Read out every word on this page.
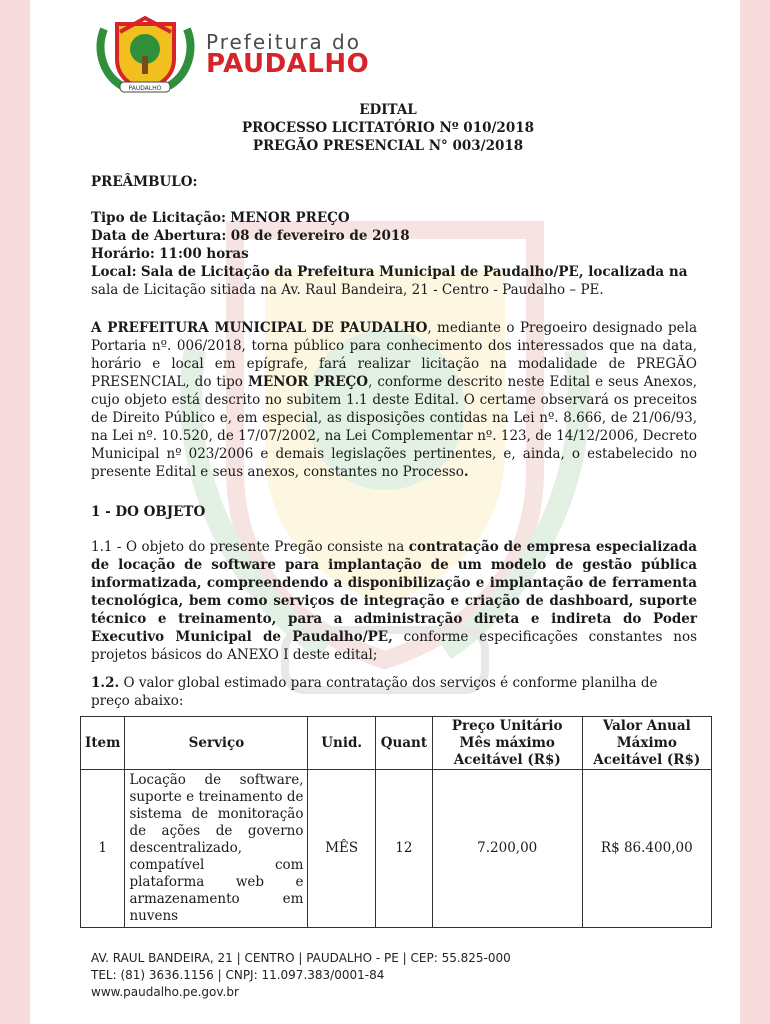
PAUDALHO
Prefeitura do
PAUDALHO
EDITAL
PROCESSO LICITATÓRIO Nº 010/2018
PREGÃO PRESENCIAL N° 003/2018
PREÂMBULO:
Tipo de Licitação: MENOR PREÇO
Data de Abertura: 08 de fevereiro de 2018
Horário: 11:00 horas
Local: Sala de Licitação da Prefeitura Municipal de Paudalho/PE, localizada na sala de Licitação sitiada na Av. Raul Bandeira, 21 - Centro - Paudalho – PE.
A PREFEITURA MUNICIPAL DE PAUDALHO, mediante o Pregoeiro designado pela Portaria nº. 006/2018, torna público para conhecimento dos interessados que na data, horário e local em epígrafe, fará realizar licitação na modalidade de PREGÃO PRESENCIAL, do tipo MENOR PREÇO, conforme descrito neste Edital e seus Anexos, cujo objeto está descrito no subitem 1.1 deste Edital. O certame observará os preceitos de Direito Público e, em especial, as disposições contidas na Lei nº. 8.666, de 21/06/93, na Lei nº. 10.520, de 17/07/2002, na Lei Complementar nº. 123, de 14/12/2006, Decreto Municipal nº 023/2006 e demais legislações pertinentes, e, ainda, o estabelecido no presente Edital e seus anexos, constantes no Processo.
1 - DO OBJETO
1.1 - O objeto do presente Pregão consiste na contratação de empresa especializada de locação de software para implantação de um modelo de gestão pública informatizada, compreendendo a disponibilização e implantação de ferramenta tecnológica, bem como serviços de integração e criação de dashboard, suporte técnico e treinamento, para a administração direta e indireta do Poder Executivo Municipal de Paudalho/PE, conforme especificações constantes nos projetos básicos do ANEXO I deste edital;
1.2. O valor global estimado para contratação dos serviços é conforme planilha de preço abaixo:
Item	Serviço	Unid.	Quant	Preço Unitário Mês máximo Aceitável (R$)	Valor Anual Máximo Aceitável (R$)
1	Locação de software, suporte e treinamento de sistema de monitoração de ações de governo descentralizado, compatível com plataforma web e armazenamento em nuvens	MÊS	12	7.200,00	R$ 86.400,00
AV. RAUL BANDEIRA, 21 | CENTRO | PAUDALHO - PE | CEP: 55.825-000
TEL: (81) 3636.1156 | CNPJ: 11.097.383/0001-84
www.paudalho.pe.gov.br
